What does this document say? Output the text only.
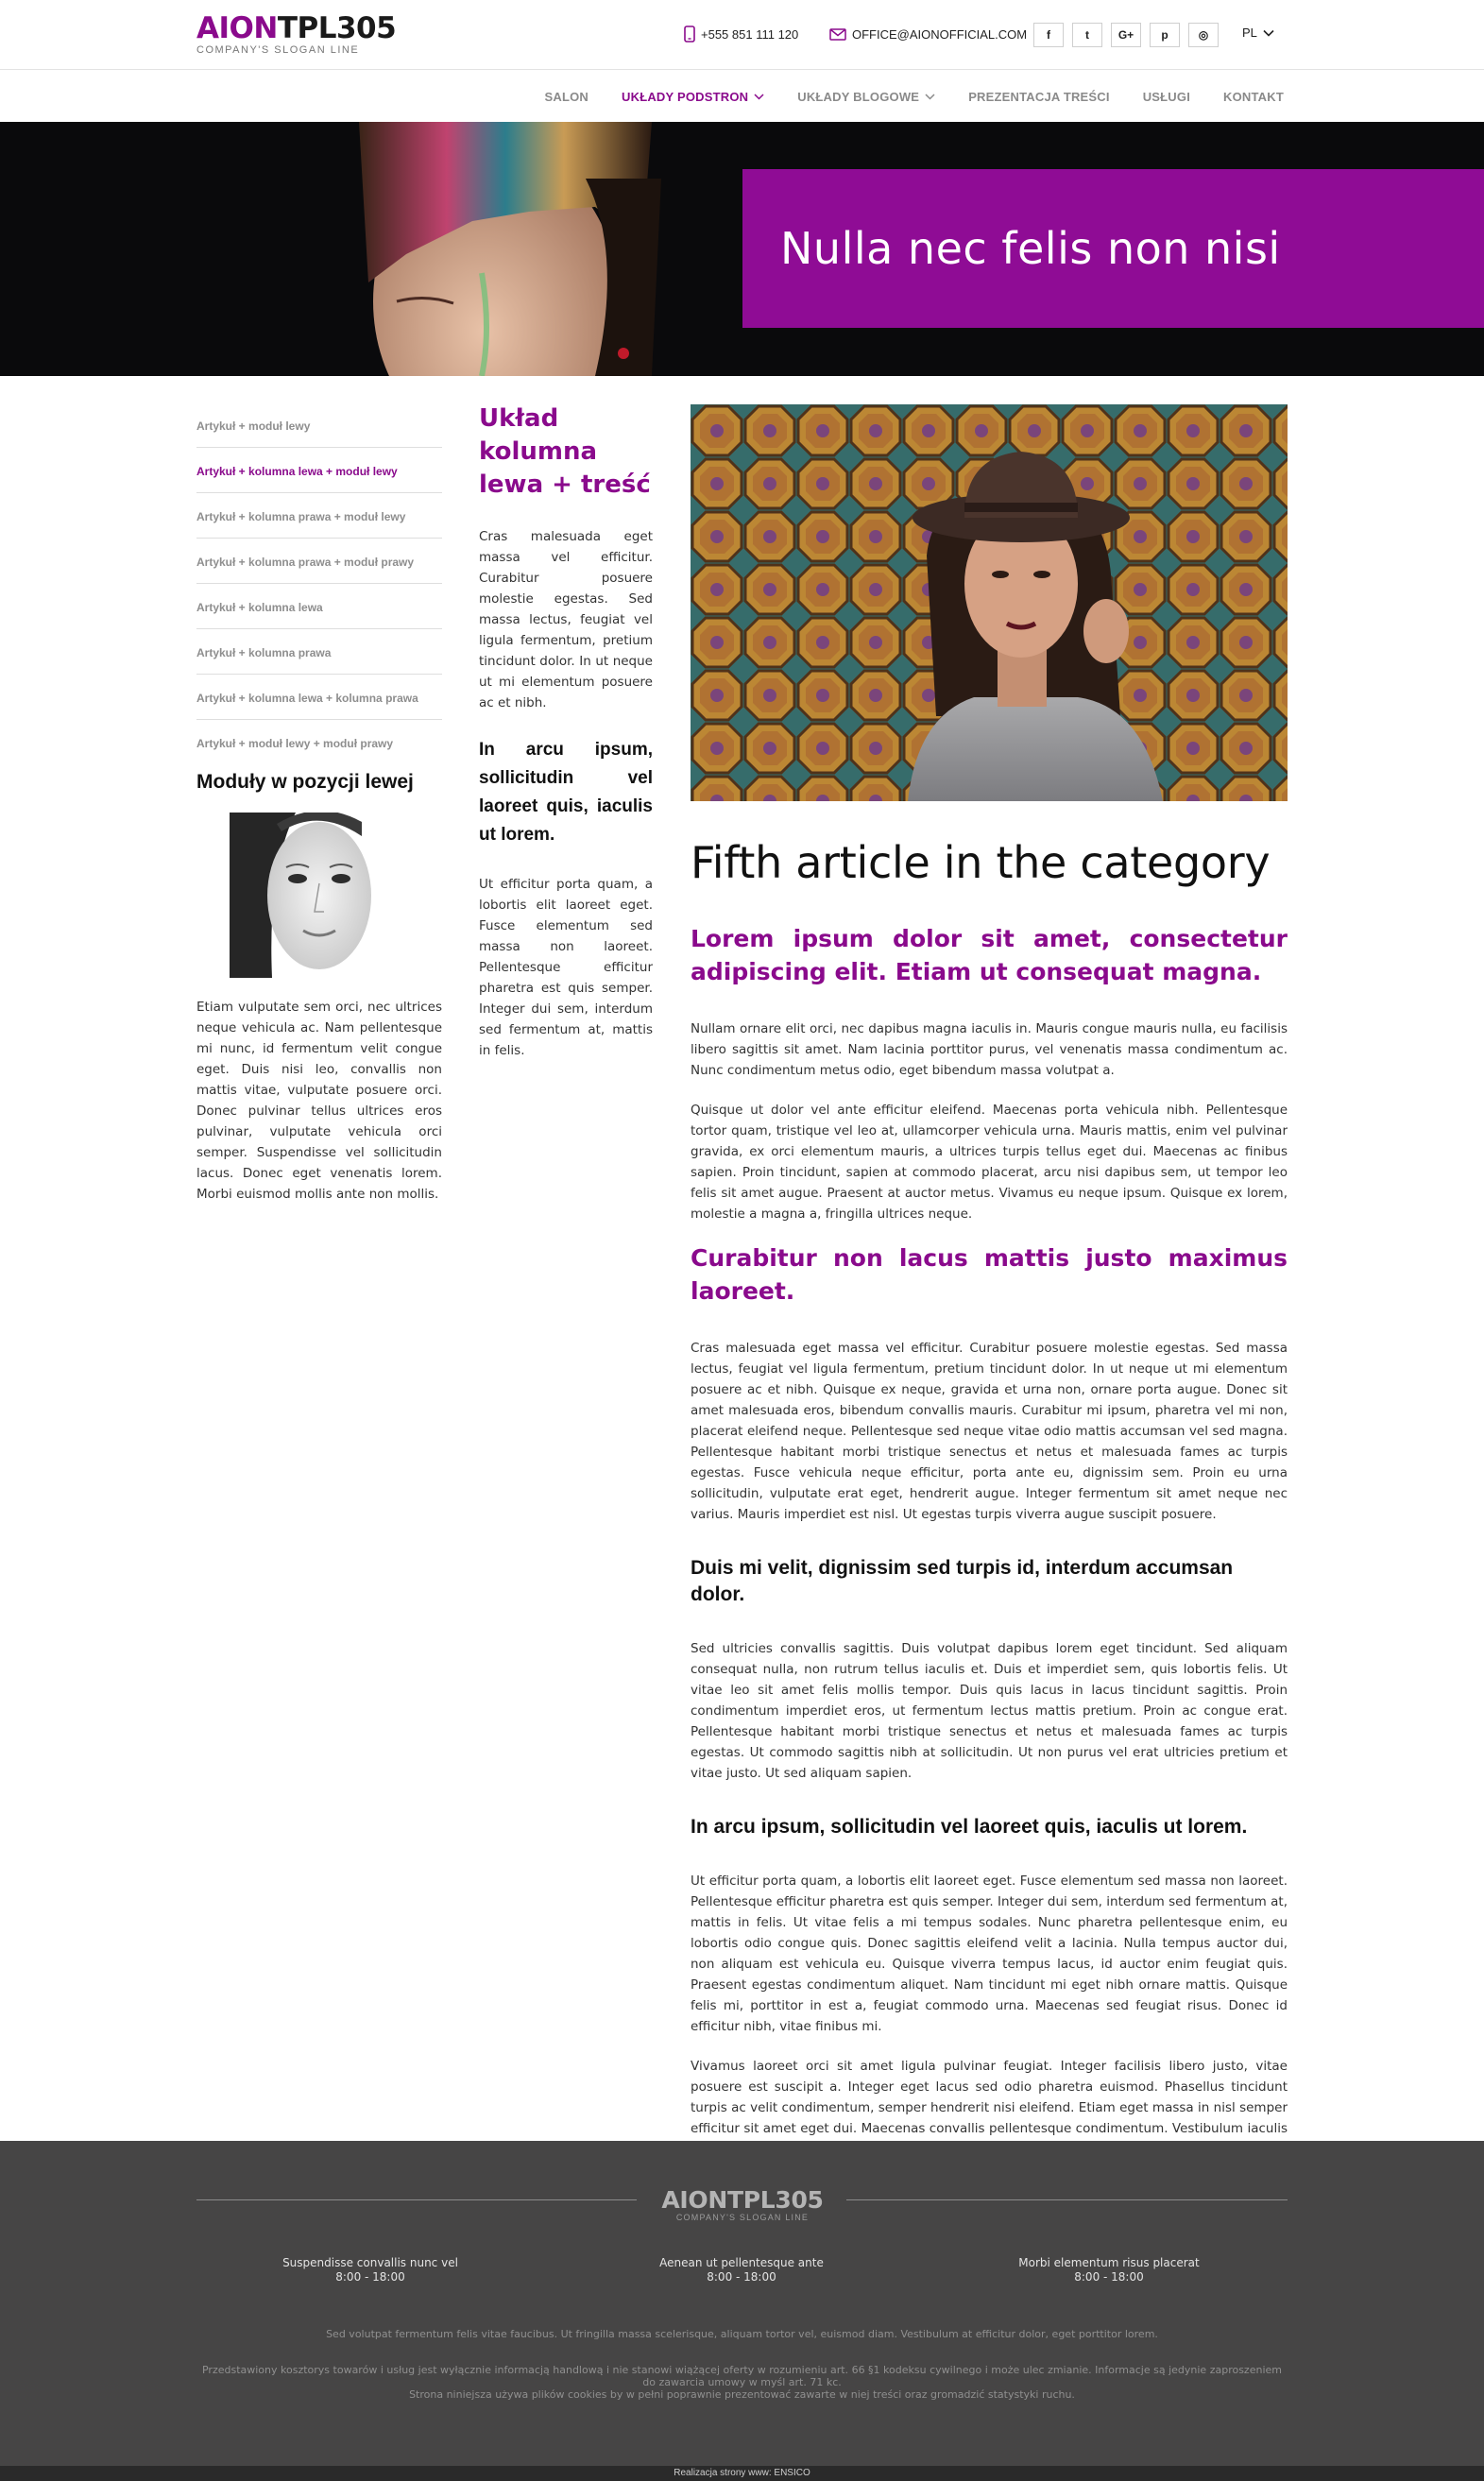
AIONTPL305
COMPANY'S SLOGAN LINE
+555 851 111 120	OFFICE@AIONOFFICIAL.COM	f	t	G+	p	◎	PL
SALON	UKŁADY PODSTRON	UKŁADY BLOGOWE	PREZENTACJA TREŚCI	USŁUGI	KONTAKT
Nulla nec felis non nisi
Artykuł + moduł lewy
Artykuł + kolumna lewa + moduł lewy
Artykuł + kolumna prawa + moduł lewy
Artykuł + kolumna prawa + moduł prawy
Artykuł + kolumna lewa
Artykuł + kolumna prawa
Artykuł + kolumna lewa + kolumna prawa
Artykuł + moduł lewy + moduł prawy
Moduły w pozycji lewej

Etiam vulputate sem orci, nec ultrices neque vehicula ac. Nam pellentesque mi nunc, id fermentum velit congue eget. Duis nisi leo, convallis non mattis vitae, vulputate posuere orci. Donec pulvinar tellus ultrices eros pulvinar, vulputate vehicula orci semper. Suspendisse vel sollicitudin lacus. Donec eget venenatis lorem. Morbi euismod mollis ante non mollis.

Układ kolumna lewa + treść

Cras malesuada eget massa vel efficitur. Curabitur posuere molestie egestas. Sed massa lectus, feugiat vel ligula fermentum, pretium tincidunt dolor. In ut neque ut mi elementum posuere ac et nibh.

In arcu ipsum, sollicitudin vel laoreet quis, iaculis ut lorem.

Ut efficitur porta quam, a lobortis elit laoreet eget. Fusce elementum sed massa non laoreet. Pellentesque efficitur pharetra est quis semper. Integer dui sem, interdum sed fermentum at, mattis in felis.

Fifth article in the category
Lorem ipsum dolor sit amet, consectetur adipiscing elit. Etiam ut consequat magna.

Nullam ornare elit orci, nec dapibus magna iaculis in. Mauris congue mauris nulla, eu facilisis libero sagittis sit amet. Nam lacinia porttitor purus, vel venenatis massa condimentum ac. Nunc condimentum metus odio, eget bibendum massa volutpat a.

Quisque ut dolor vel ante efficitur eleifend. Maecenas porta vehicula nibh. Pellentesque tortor quam, tristique vel leo at, ullamcorper vehicula urna. Mauris mattis, enim vel pulvinar gravida, ex orci elementum mauris, a ultrices turpis tellus eget dui. Maecenas ac finibus sapien. Proin tincidunt, sapien at commodo placerat, arcu nisi dapibus sem, ut tempor leo felis sit amet augue. Praesent at auctor metus. Vivamus eu neque ipsum. Quisque ex lorem, molestie a magna a, fringilla ultrices neque.

Curabitur non lacus mattis justo maximus laoreet.

Cras malesuada eget massa vel efficitur. Curabitur posuere molestie egestas. Sed massa lectus, feugiat vel ligula fermentum, pretium tincidunt dolor. In ut neque ut mi elementum posuere ac et nibh. Quisque ex neque, gravida et urna non, ornare porta augue. Donec sit amet malesuada eros, bibendum convallis mauris. Curabitur mi ipsum, pharetra vel mi non, placerat eleifend neque. Pellentesque sed neque vitae odio mattis accumsan vel sed magna. Pellentesque habitant morbi tristique senectus et netus et malesuada fames ac turpis egestas. Fusce vehicula neque efficitur, porta ante eu, dignissim sem. Proin eu urna sollicitudin, vulputate erat eget, hendrerit augue. Integer fermentum sit amet neque nec varius. Mauris imperdiet est nisl. Ut egestas turpis viverra augue suscipit posuere.

Duis mi velit, dignissim sed turpis id, interdum accumsan dolor.

Sed ultricies convallis sagittis. Duis volutpat dapibus lorem eget tincidunt. Sed aliquam consequat nulla, non rutrum tellus iaculis et. Duis et imperdiet sem, quis lobortis felis. Ut vitae leo sit amet felis mollis tempor. Duis quis lacus in lacus tincidunt sagittis. Proin condimentum imperdiet eros, ut fermentum lectus mattis pretium. Proin ac congue erat. Pellentesque habitant morbi tristique senectus et netus et malesuada fames ac turpis egestas. Ut commodo sagittis nibh at sollicitudin. Ut non purus vel erat ultricies pretium et vitae justo. Ut sed aliquam sapien.

In arcu ipsum, sollicitudin vel laoreet quis, iaculis ut lorem.

Ut efficitur porta quam, a lobortis elit laoreet eget. Fusce elementum sed massa non laoreet. Pellentesque efficitur pharetra est quis semper. Integer dui sem, interdum sed fermentum at, mattis in felis. Ut vitae felis a mi tempus sodales. Nunc pharetra pellentesque enim, eu lobortis odio congue quis. Donec sagittis eleifend velit a lacinia. Nulla tempus auctor dui, non aliquam est vehicula eu. Quisque viverra tempus lacus, id auctor enim feugiat quis. Praesent egestas condimentum aliquet. Nam tincidunt mi eget nibh ornare mattis. Quisque felis mi, porttitor in est a, feugiat commodo urna. Maecenas sed feugiat risus. Donec id efficitur nibh, vitae finibus mi.

Vivamus laoreet orci sit amet ligula pulvinar feugiat. Integer facilisis libero justo, vitae posuere est suscipit a. Integer eget lacus sed odio pharetra euismod. Phasellus tincidunt turpis ac velit condimentum, semper hendrerit nisi eleifend. Etiam eget massa in nisl semper efficitur sit amet eget dui. Maecenas convallis pellentesque condimentum. Vestibulum iaculis

AIONTPL305
COMPANY'S SLOGAN LINE
Suspendisse convallis nunc vel
8:00 - 18:00
Aenean ut pellentesque ante
8:00 - 18:00
Morbi elementum risus placerat
8:00 - 18:00
Sed volutpat fermentum felis vitae faucibus. Ut fringilla massa scelerisque, aliquam tortor vel, euismod diam. Vestibulum at efficitur dolor, eget porttitor lorem.
Przedstawiony kosztorys towarów i usług jest wyłącznie informacją handlową i nie stanowi wiążącej oferty w rozumieniu art. 66 §1 kodeksu cywilnego i może ulec zmianie. Informacje są jedynie zaproszeniem do zawarcia umowy w myśl art. 71 kc.
Strona niniejsza używa plików cookies by w pełni poprawnie prezentować zawarte w niej treści oraz gromadzić statystyki ruchu.
Realizacja strony www: ENSICO
